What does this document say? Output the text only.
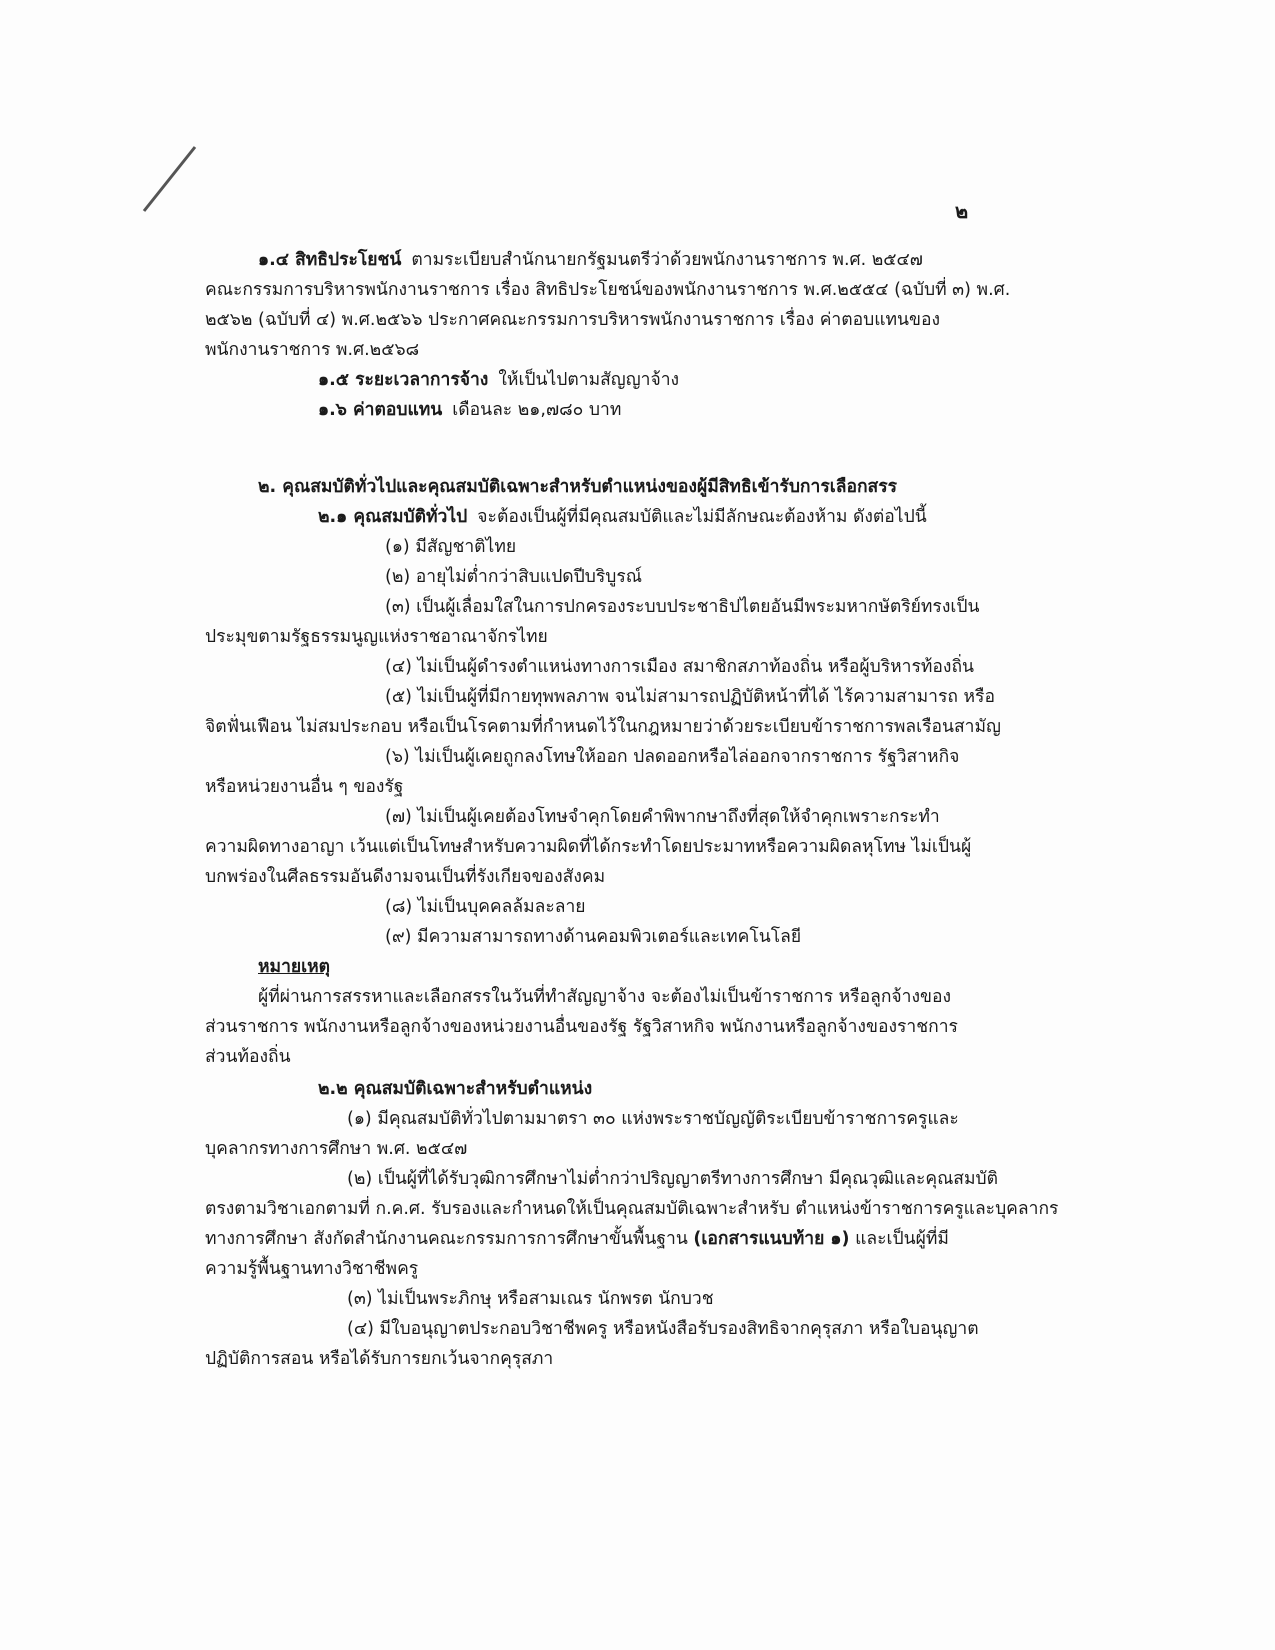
๒
๑.๔ สิทธิประโยชน์ ตามระเบียบสำนักนายกรัฐมนตรีว่าด้วยพนักงานราชการ พ.ศ. ๒๕๔๗
คณะกรรมการบริหารพนักงานราชการ เรื่อง สิทธิประโยชน์ของพนักงานราชการ พ.ศ.๒๕๕๔ (ฉบับที่ ๓) พ.ศ.
๒๕๖๒ (ฉบับที่ ๔) พ.ศ.๒๕๖๖ ประกาศคณะกรรมการบริหารพนักงานราชการ เรื่อง ค่าตอบแทนของ
พนักงานราชการ พ.ศ.๒๕๖๘
๑.๕ ระยะเวลาการจ้าง ให้เป็นไปตามสัญญาจ้าง
๑.๖ ค่าตอบแทน เดือนละ ๒๑,๗๘๐ บาท
๒. คุณสมบัติทั่วไปและคุณสมบัติเฉพาะสำหรับตำแหน่งของผู้มีสิทธิเข้ารับการเลือกสรร
๒.๑ คุณสมบัติทั่วไป จะต้องเป็นผู้ที่มีคุณสมบัติและไม่มีลักษณะต้องห้าม ดังต่อไปนี้
(๑) มีสัญชาติไทย
(๒) อายุไม่ต่ำกว่าสิบแปดปีบริบูรณ์
(๓) เป็นผู้เลื่อมใสในการปกครองระบบประชาธิปไตยอันมีพระมหากษัตริย์ทรงเป็น
ประมุขตามรัฐธรรมนูญแห่งราชอาณาจักรไทย
(๔) ไม่เป็นผู้ดำรงตำแหน่งทางการเมือง สมาชิกสภาท้องถิ่น หรือผู้บริหารท้องถิ่น
(๕) ไม่เป็นผู้ที่มีกายทุพพลภาพ จนไม่สามารถปฏิบัติหน้าที่ได้ ไร้ความสามารถ หรือ
จิตฟั่นเฟือน ไม่สมประกอบ หรือเป็นโรคตามที่กำหนดไว้ในกฎหมายว่าด้วยระเบียบข้าราชการพลเรือนสามัญ
(๖) ไม่เป็นผู้เคยถูกลงโทษให้ออก ปลดออกหรือไล่ออกจากราชการ รัฐวิสาหกิจ
หรือหน่วยงานอื่น ๆ ของรัฐ
(๗) ไม่เป็นผู้เคยต้องโทษจำคุกโดยคำพิพากษาถึงที่สุดให้จำคุกเพราะกระทำ
ความผิดทางอาญา เว้นแต่เป็นโทษสำหรับความผิดที่ได้กระทำโดยประมาทหรือความผิดลหุโทษ ไม่เป็นผู้
บกพร่องในศีลธรรมอันดีงามจนเป็นที่รังเกียจของสังคม
(๘) ไม่เป็นบุคคลล้มละลาย
(๙) มีความสามารถทางด้านคอมพิวเตอร์และเทคโนโลยี
หมายเหตุ
ผู้ที่ผ่านการสรรหาและเลือกสรรในวันที่ทำสัญญาจ้าง จะต้องไม่เป็นข้าราชการ หรือลูกจ้างของ
ส่วนราชการ พนักงานหรือลูกจ้างของหน่วยงานอื่นของรัฐ รัฐวิสาหกิจ พนักงานหรือลูกจ้างของราชการ
ส่วนท้องถิ่น
๒.๒ คุณสมบัติเฉพาะสำหรับตำแหน่ง
(๑) มีคุณสมบัติทั่วไปตามมาตรา ๓๐ แห่งพระราชบัญญัติระเบียบข้าราชการครูและ
บุคลากรทางการศึกษา พ.ศ. ๒๕๔๗
(๒) เป็นผู้ที่ได้รับวุฒิการศึกษาไม่ต่ำกว่าปริญญาตรีทางการศึกษา มีคุณวุฒิและคุณสมบัติ
ตรงตามวิชาเอกตามที่ ก.ค.ศ. รับรองและกำหนดให้เป็นคุณสมบัติเฉพาะสำหรับ ตำแหน่งข้าราชการครูและบุคลากร
ทางการศึกษา สังกัดสำนักงานคณะกรรมการการศึกษาขั้นพื้นฐาน (เอกสารแนบท้าย ๑) และเป็นผู้ที่มี
ความรู้พื้นฐานทางวิชาชีพครู
(๓) ไม่เป็นพระภิกษุ หรือสามเณร นักพรต นักบวช
(๔) มีใบอนุญาตประกอบวิชาชีพครู หรือหนังสือรับรองสิทธิจากคุรุสภา หรือใบอนุญาต
ปฏิบัติการสอน หรือได้รับการยกเว้นจากคุรุสภา
